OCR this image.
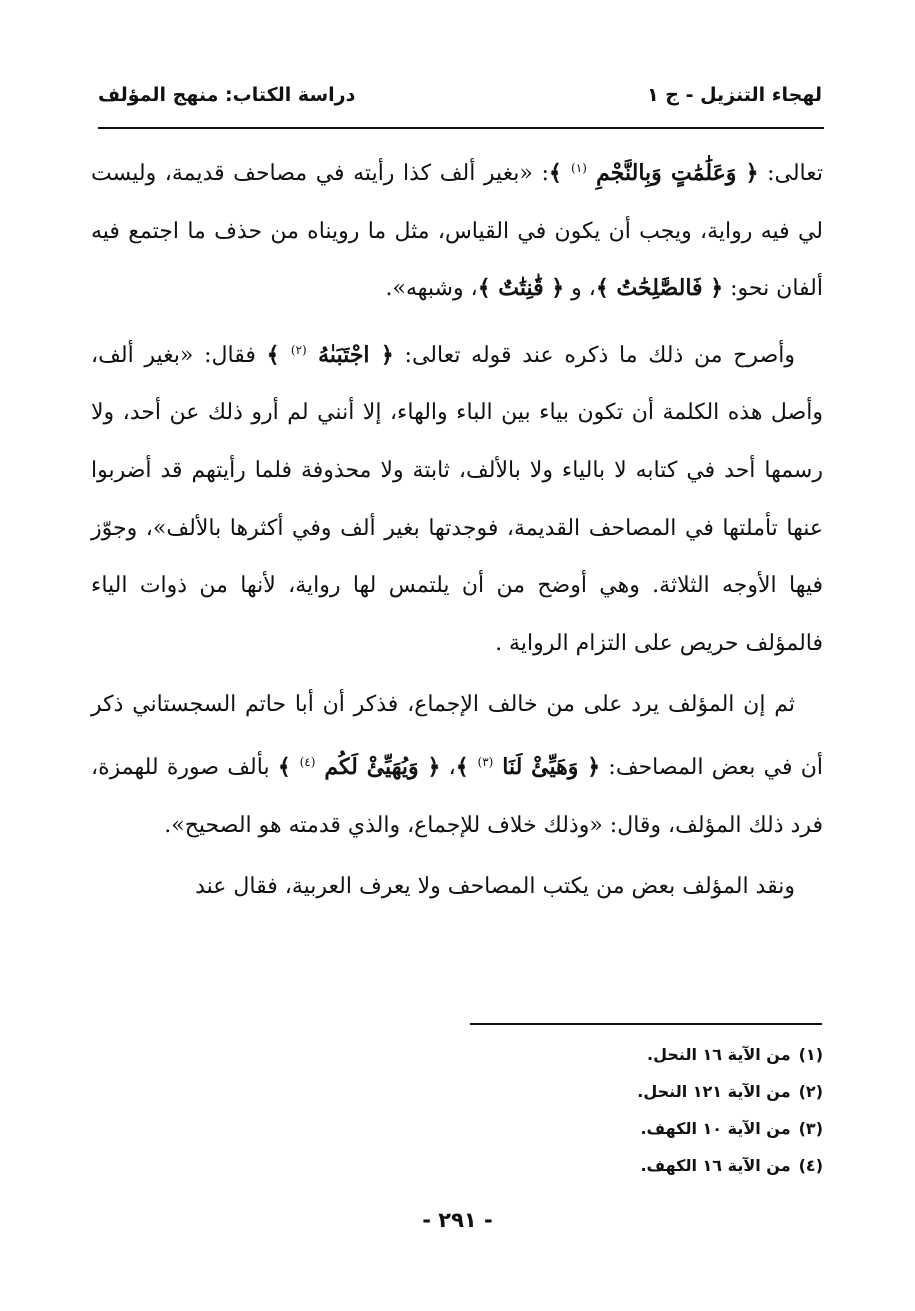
لهجاء التنزيل - ج ١
دراسة الكتاب: منهج المؤلف

تعالى: ﴿ وَعَلَٰمَٰتٍ وَبِالنَّجْمِ $^{(١)}$ ﴾: «بغير ألف كذا رأيته في مصاحف قديمة، وليست لي فيه رواية، ويجب أن يكون في القياس، مثل ما رويناه من حذف ما اجتمع فيه ألفان نحو: ﴿ فَالصَّٰلِحَٰتُ ﴾، و ﴿ قَٰنِتَٰتٌ ﴾، وشبهه».

وأصرح من ذلك ما ذكره عند قوله تعالى: ﴿ اجْتَبَىٰهُ $^{(٢)}$ ﴾ فقال: «بغير ألف، وأصل هذه الكلمة أن تكون بياء بين الباء والهاء، إلا أنني لم أرو ذلك عن أحد، ولا رسمها أحد في كتابه لا بالياء ولا بالألف، ثابتة ولا محذوفة فلما رأيتهم قد أضربوا عنها تأملتها في المصاحف القديمة، فوجدتها بغير ألف وفي أكثرها بالألف»، وجوّز فيها الأوجه الثلاثة. وهي أوضح من أن يلتمس لها رواية، لأنها من ذوات الياء فالمؤلف حريص على التزام الرواية .

ثم إن المؤلف يرد على من خالف الإجماع، فذكر أن أبا حاتم السجستاني ذكر أن في بعض المصاحف: ﴿ وَهَيِّئْ لَنَا $^{(٣)}$ ﴾، ﴿ وَيُهَيِّئْ لَكُم $^{(٤)}$ ﴾ بألف صورة للهمزة، فرد ذلك المؤلف، وقال: «وذلك خلاف للإجماع، والذي قدمته هو الصحيح».

ونقد المؤلف بعض من يكتب المصاحف ولا يعرف العربية، فقال عند

(١)من الآية ١٦ النحل.
(٢)من الآية ١٢١ النحل.
(٣)من الآية ١٠ الكهف.
(٤)من الآية ١٦ الكهف.
- ٢٩١ -
